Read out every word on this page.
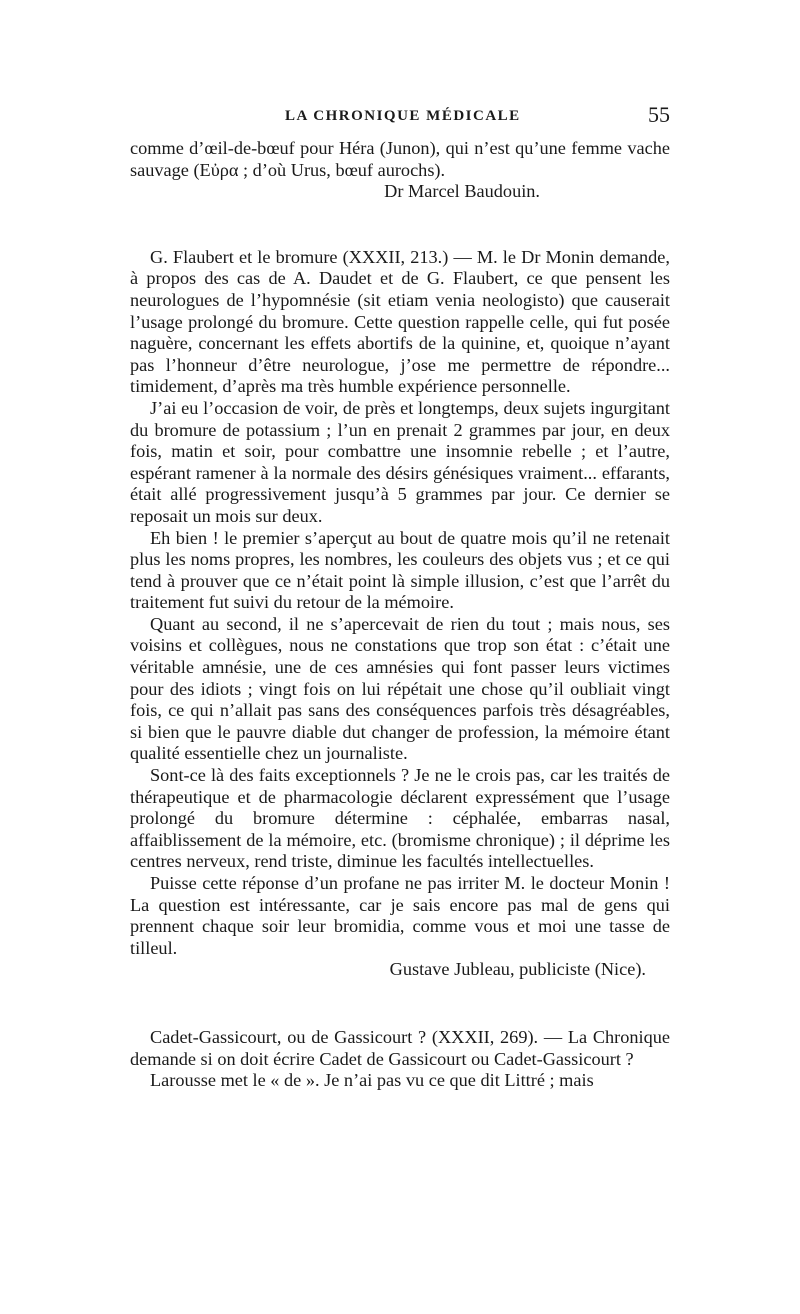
LA CHRONIQUE MÉDICALE	55

comme d’œil-de-bœuf pour Héra (Junon), qui n’est qu’une femme vache sauvage (Eὐρα ; d’où Urus, bœuf aurochs).

Dr Marcel Baudouin.

G. Flaubert et le bromure (XXXII, 213.) — M. le Dr Monin demande, à propos des cas de A. Daudet et de G. Flaubert, ce que pensent les neurologues de l’hypomnésie (sit etiam venia neologisto) que causerait l’usage prolongé du bromure. Cette question rappelle celle, qui fut posée naguère, concernant les effets abortifs de la quinine, et, quoique n’ayant pas l’honneur d’être neurologue, j’ose me permettre de répondre... timidement, d’après ma très humble expérience personnelle.

J’ai eu l’occasion de voir, de près et longtemps, deux sujets ingurgitant du bromure de potassium ; l’un en prenait 2 grammes par jour, en deux fois, matin et soir, pour combattre une insomnie rebelle ; et l’autre, espérant ramener à la normale des désirs génésiques vraiment... effarants, était allé progressivement jusqu’à 5 grammes par jour. Ce dernier se reposait un mois sur deux.

Eh bien ! le premier s’aperçut au bout de quatre mois qu’il ne retenait plus les noms propres, les nombres, les couleurs des objets vus ; et ce qui tend à prouver que ce n’était point là simple illusion, c’est que l’arrêt du traitement fut suivi du retour de la mémoire.

Quant au second, il ne s’apercevait de rien du tout ; mais nous, ses voisins et collègues, nous ne constations que trop son état : c’était une véritable amnésie, une de ces amnésies qui font passer leurs victimes pour des idiots ; vingt fois on lui répétait une chose qu’il oubliait vingt fois, ce qui n’allait pas sans des conséquences parfois très désagréables, si bien que le pauvre diable dut changer de profession, la mémoire étant qualité essentielle chez un journaliste.

Sont-ce là des faits exceptionnels ? Je ne le crois pas, car les traités de thérapeutique et de pharmacologie déclarent expressément que l’usage prolongé du bromure détermine : céphalée, embarras nasal, affaiblissement de la mémoire, etc. (bromisme chronique) ; il déprime les centres nerveux, rend triste, diminue les facultés intellectuelles.

Puisse cette réponse d’un profane ne pas irriter M. le docteur Monin ! La question est intéressante, car je sais encore pas mal de gens qui prennent chaque soir leur bromidia, comme vous et moi une tasse de tilleul.

Gustave Jubleau, publiciste (Nice).

Cadet-Gassicourt, ou de Gassicourt ? (XXXII, 269). — La Chronique demande si on doit écrire Cadet de Gassicourt ou Cadet-Gassicourt ?

Larousse met le « de ». Je n’ai pas vu ce que dit Littré ; mais
